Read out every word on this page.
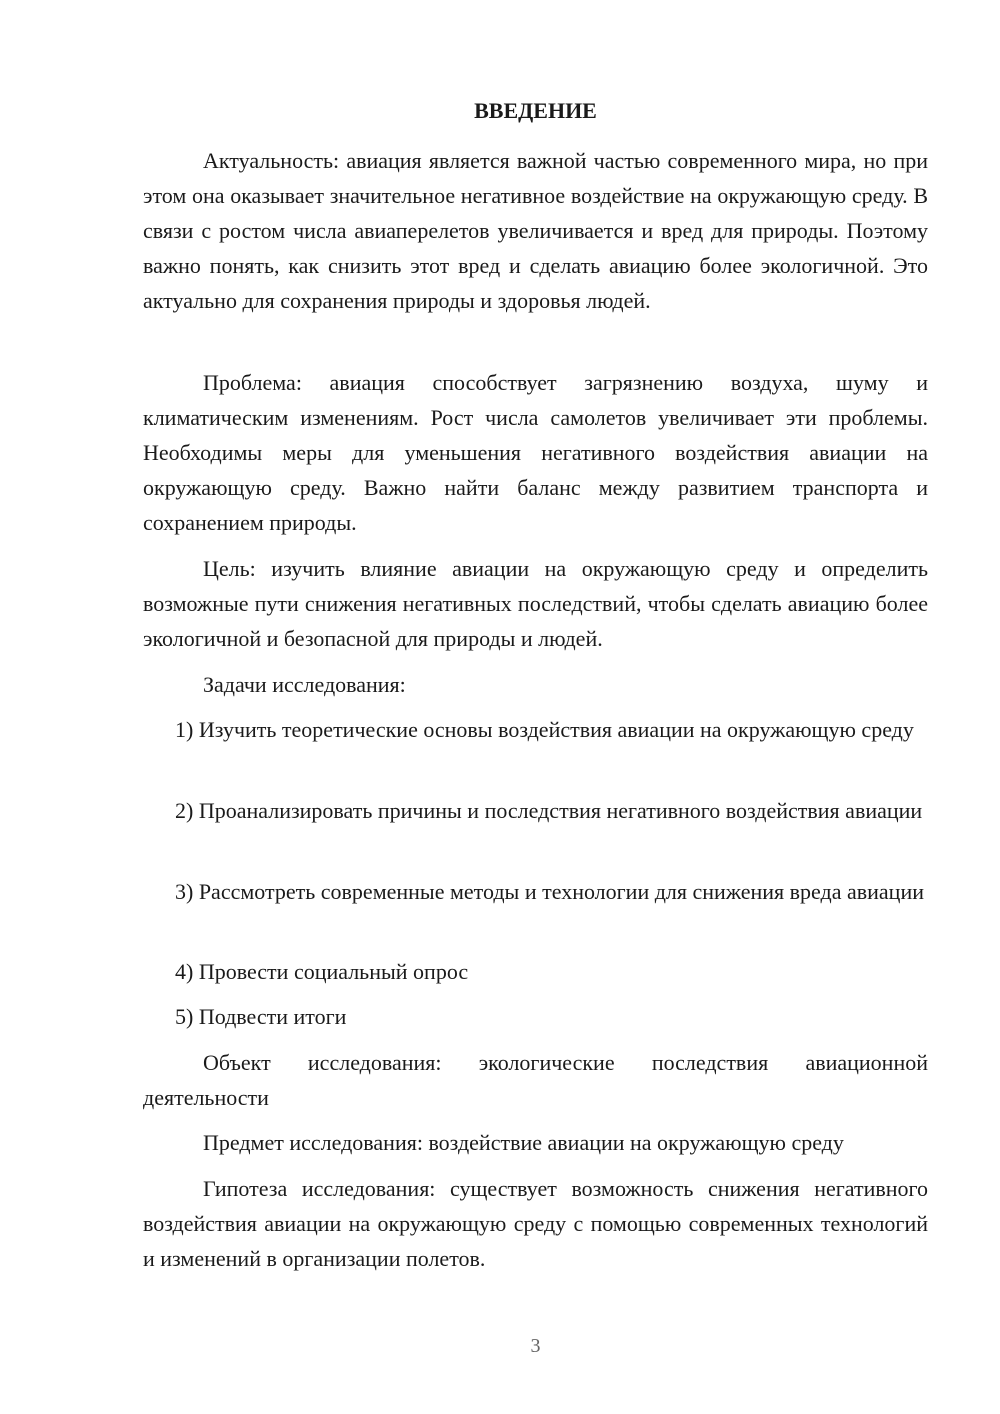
ВВЕДЕНИЕ

Актуальность: авиация является важной частью современного мира, но при этом она оказывает значительное негативное воздействие на окружающую среду. В связи с ростом числа авиаперелетов увеличивается и вред для природы. Поэтому важно понять, как снизить этот вред и сделать авиацию более экологичной. Это актуально для сохранения природы и здоровья людей.

Проблема: авиация способствует загрязнению воздуха, шуму и климатическим изменениям. Рост числа самолетов увеличивает эти проблемы. Необходимы меры для уменьшения негативного воздействия авиации на окружающую среду. Важно найти баланс между развитием транспорта и сохранением природы.

Цель: изучить влияние авиации на окружающую среду и определить возможные пути снижения негативных последствий, чтобы сделать авиацию более экологичной и безопасной для природы и людей.

Задачи исследования:

1) Изучить теоретические основы воздействия авиации на окружающую среду

2) Проанализировать причины и последствия негативного воздействия авиации

3) Рассмотреть современные методы и технологии для снижения вреда авиации

4) Провести социальный опрос

5) Подвести итоги

Объект исследования: экологические последствия авиационной деятельности

Предмет исследования: воздействие авиации на окружающую среду

Гипотеза исследования: существует возможность снижения негативного воздействия авиации на окружающую среду с помощью современных технологий и изменений в организации полетов.

3
